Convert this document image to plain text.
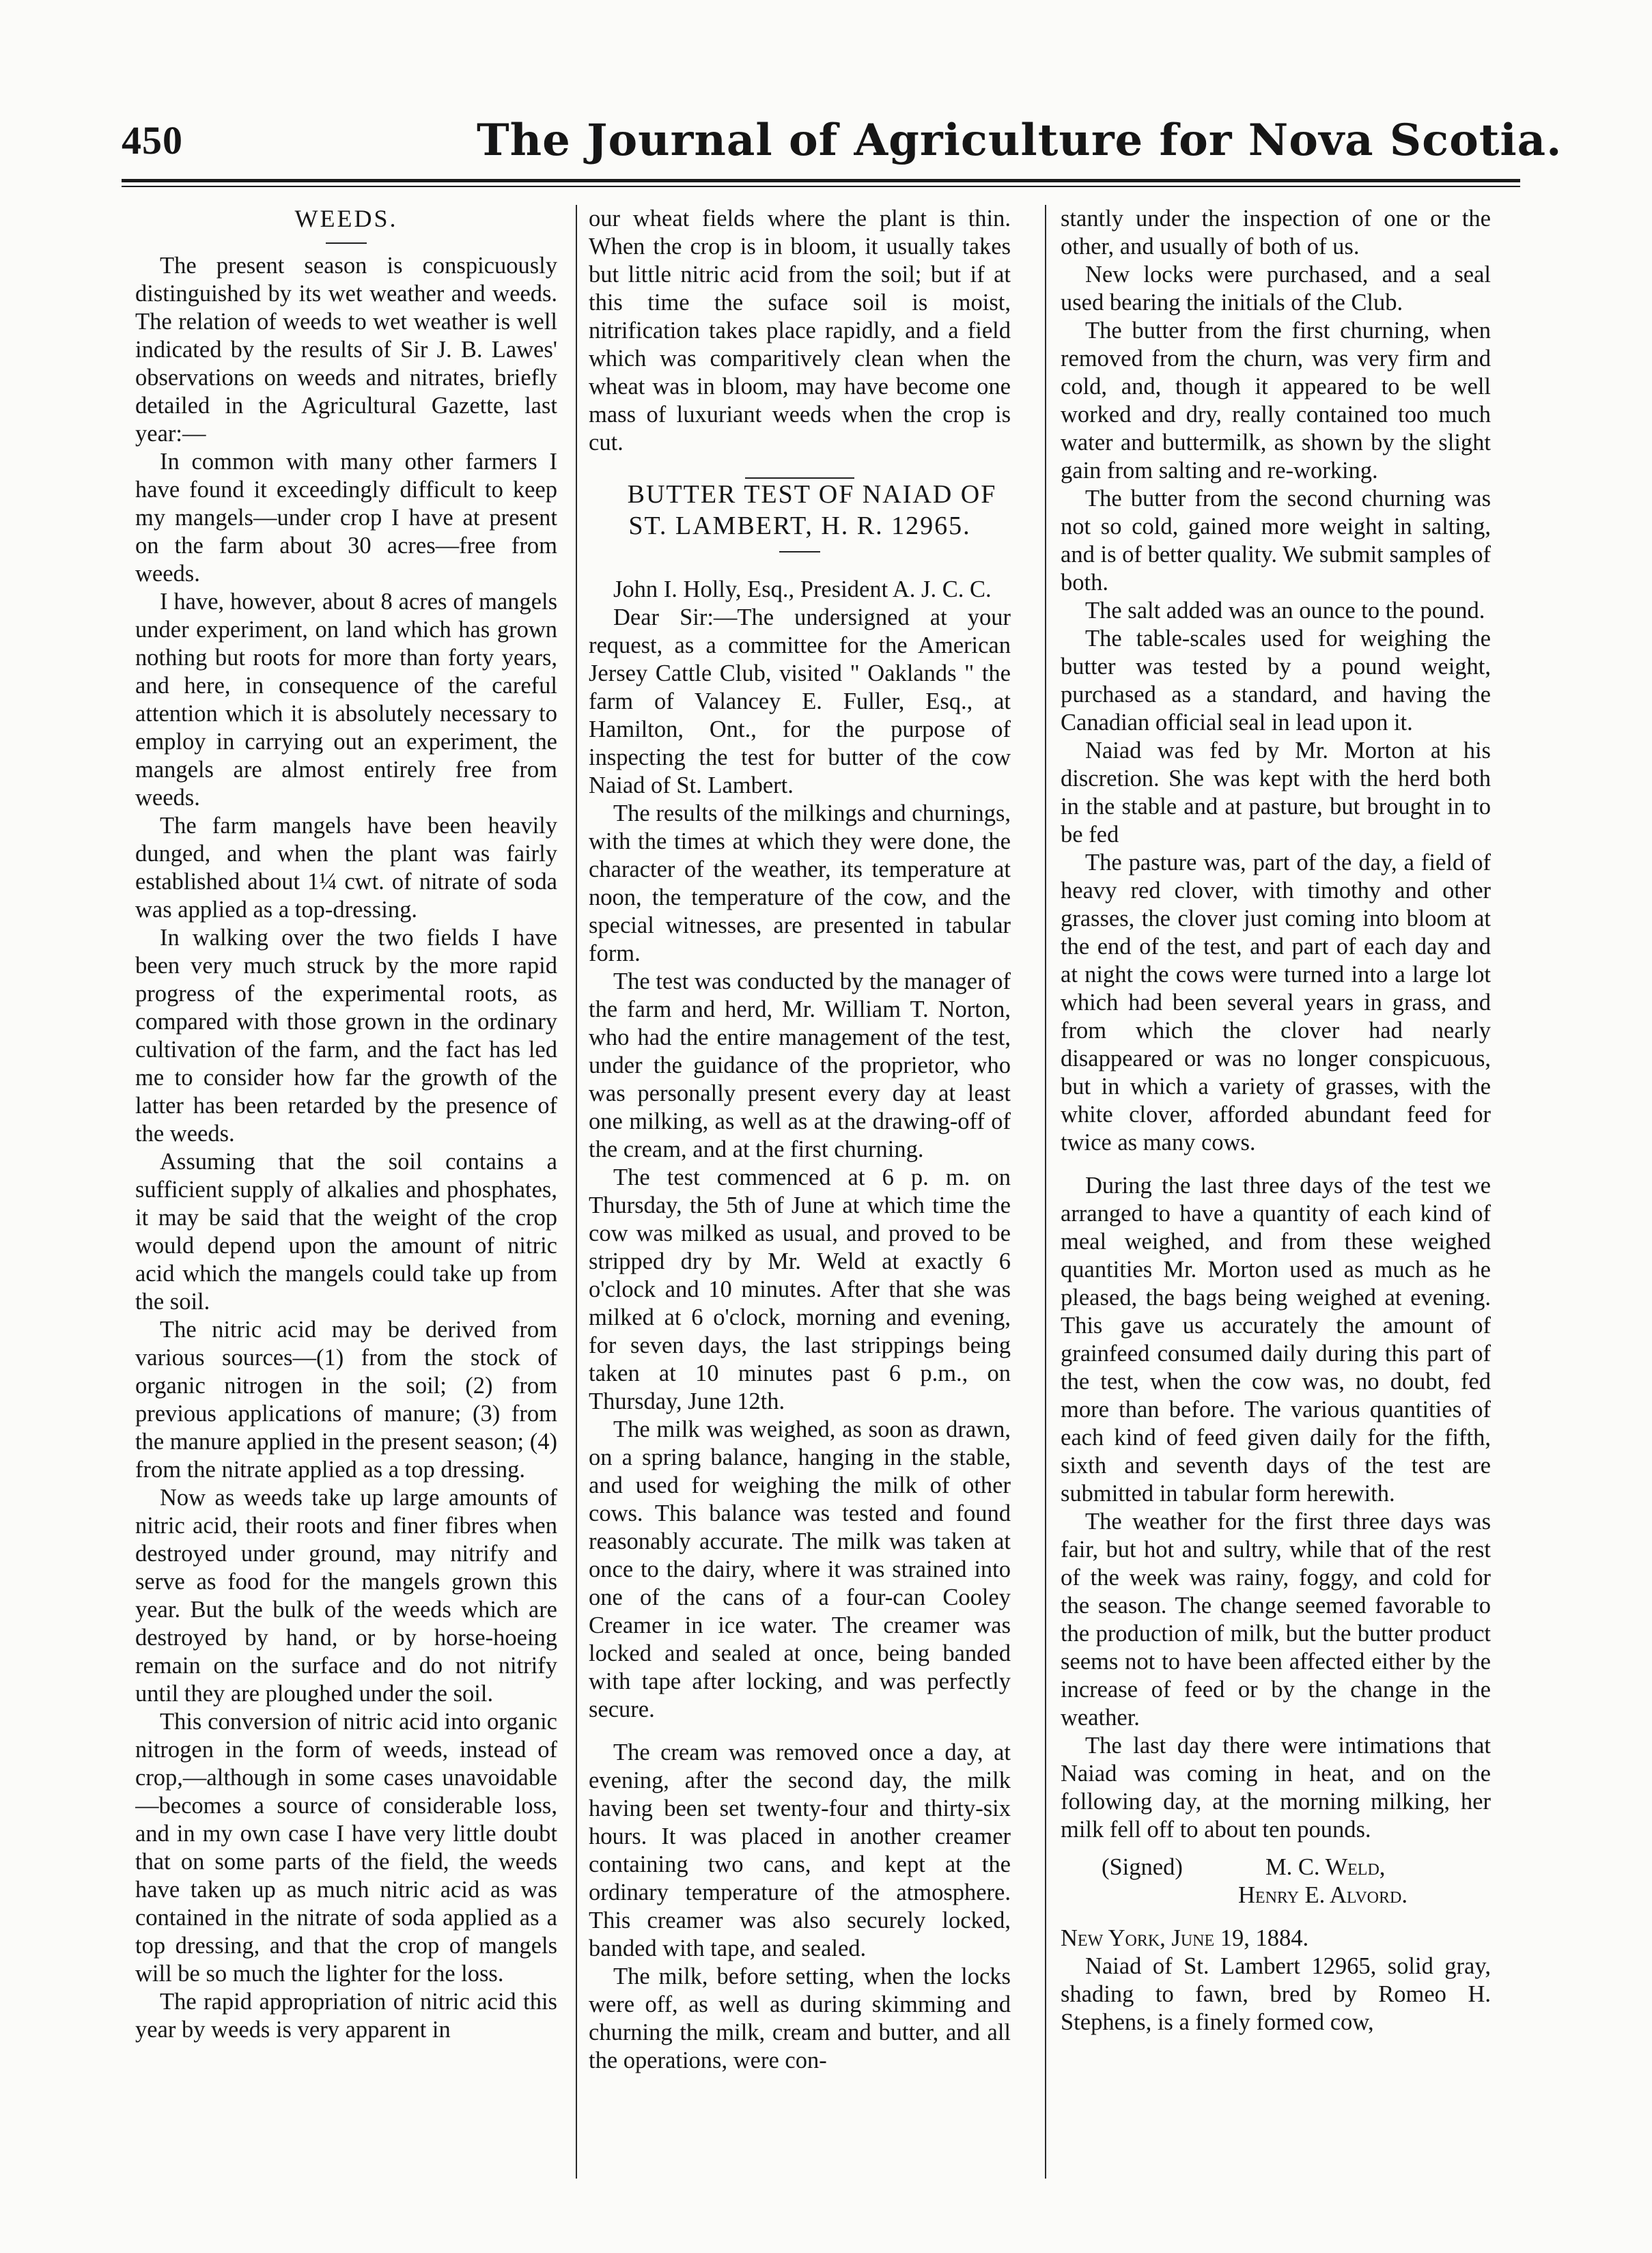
450	The Journal of Agriculture for Nova Scotia.

WEEDS.

The present season is conspicuously distinguished by its wet weather and weeds. The relation of weeds to wet weather is well indicated by the results of Sir J. B. Lawes' observations on weeds and nitrates, briefly detailed in the Agricultural Gazette, last year:—

In common with many other farmers I have found it exceedingly difficult to keep my mangels—under crop I have at present on the farm about 30 acres—free from weeds.

I have, however, about 8 acres of mangels under experiment, on land which has grown nothing but roots for more than forty years, and here, in consequence of the careful attention which it is absolutely necessary to employ in carrying out an experiment, the mangels are almost entirely free from weeds.

The farm mangels have been heavily dunged, and when the plant was fairly established about 1¼ cwt. of nitrate of soda was applied as a top-dressing.

In walking over the two fields I have been very much struck by the more rapid progress of the experimental roots, as compared with those grown in the ordinary cultivation of the farm, and the fact has led me to consider how far the growth of the latter has been retarded by the presence of the weeds.

Assuming that the soil contains a sufficient supply of alkalies and phosphates, it may be said that the weight of the crop would depend upon the amount of nitric acid which the mangels could take up from the soil.

The nitric acid may be derived from various sources—(1) from the stock of organic nitrogen in the soil; (2) from previous applications of manure; (3) from the manure applied in the present season; (4) from the nitrate applied as a top dressing.

Now as weeds take up large amounts of nitric acid, their roots and finer fibres when destroyed under ground, may nitrify and serve as food for the mangels grown this year. But the bulk of the weeds which are destroyed by hand, or by horse-hoeing remain on the surface and do not nitrify until they are ploughed under the soil.

This conversion of nitric acid into organic nitrogen in the form of weeds, instead of crop,—although in some cases unavoidable—becomes a source of considerable loss, and in my own case I have very little doubt that on some parts of the field, the weeds have taken up as much nitric acid as was contained in the nitrate of soda applied as a top dressing, and that the crop of mangels will be so much the lighter for the loss.

The rapid appropriation of nitric acid this year by weeds is very apparent in

our wheat fields where the plant is thin. When the crop is in bloom, it usually takes but little nitric acid from the soil; but if at this time the suface soil is moist, nitrification takes place rapidly, and a field which was comparitively clean when the wheat was in bloom, may have become one mass of luxuriant weeds when the crop is cut.

BUTTER TEST OF NAIAD OF ST. LAMBERT, H. R. 12965.

John I. Holly, Esq., President A. J. C. C.

Dear Sir:—The undersigned at your request, as a committee for the American Jersey Cattle Club, visited " Oaklands " the farm of Valancey E. Fuller, Esq., at Hamilton, Ont., for the purpose of inspecting the test for butter of the cow Naiad of St. Lambert.

The results of the milkings and churnings, with the times at which they were done, the character of the weather, its temperature at noon, the temperature of the cow, and the special witnesses, are presented in tabular form.

The test was conducted by the manager of the farm and herd, Mr. William T. Norton, who had the entire management of the test, under the guidance of the proprietor, who was personally present every day at least one milking, as well as at the drawing-off of the cream, and at the first churning.

The test commenced at 6 p. m. on Thursday, the 5th of June at which time the cow was milked as usual, and proved to be stripped dry by Mr. Weld at exactly 6 o'clock and 10 minutes. After that she was milked at 6 o'clock, morning and evening, for seven days, the last strippings being taken at 10 minutes past 6 p.m., on Thursday, June 12th.

The milk was weighed, as soon as drawn, on a spring balance, hanging in the stable, and used for weighing the milk of other cows. This balance was tested and found reasonably accurate. The milk was taken at once to the dairy, where it was strained into one of the cans of a four-can Cooley Creamer in ice water. The creamer was locked and sealed at once, being banded with tape after locking, and was perfectly secure.

The cream was removed once a day, at evening, after the second day, the milk having been set twenty-four and thirty-six hours. It was placed in another creamer containing two cans, and kept at the ordinary temperature of the atmosphere. This creamer was also securely locked, banded with tape, and sealed.

The milk, before setting, when the locks were off, as well as during skimming and churning the milk, cream and butter, and all the operations, were con-

stantly under the inspection of one or the other, and usually of both of us.

New locks were purchased, and a seal used bearing the initials of the Club.

The butter from the first churning, when removed from the churn, was very firm and cold, and, though it appeared to be well worked and dry, really contained too much water and buttermilk, as shown by the slight gain from salting and re-working.

The butter from the second churning was not so cold, gained more weight in salting, and is of better quality. We submit samples of both.

The salt added was an ounce to the pound.

The table-scales used for weighing the butter was tested by a pound weight, purchased as a standard, and having the Canadian official seal in lead upon it.

Naiad was fed by Mr. Morton at his discretion. She was kept with the herd both in the stable and at pasture, but brought in to be fed

The pasture was, part of the day, a field of heavy red clover, with timothy and other grasses, the clover just coming into bloom at the end of the test, and part of each day and at night the cows were turned into a large lot which had been several years in grass, and from which the clover had nearly disappeared or was no longer conspicuous, but in which a variety of grasses, with the white clover, afforded abundant feed for twice as many cows.

During the last three days of the test we arranged to have a quantity of each kind of meal weighed, and from these weighed quantities Mr. Morton used as much as he pleased, the bags being weighed at evening. This gave us accurately the amount of grainfeed consumed daily during this part of the test, when the cow was, no doubt, fed more than before. The various quantities of each kind of feed given daily for the fifth, sixth and seventh days of the test are submitted in tabular form herewith.

The weather for the first three days was fair, but hot and sultry, while that of the rest of the week was rainy, foggy, and cold for the season. The change seemed favorable to the production of milk, but the butter product seems not to have been affected either by the increase of feed or by the change in the weather.

The last day there were intimations that Naiad was coming in heat, and on the following day, at the morning milking, her milk fell off to about ten pounds.

(Signed)	M. C. Weld,
Henry E. Alvord.

New York, June 19, 1884.

Naiad of St. Lambert 12965, solid gray, shading to fawn, bred by Romeo H. Stephens, is a finely formed cow,
